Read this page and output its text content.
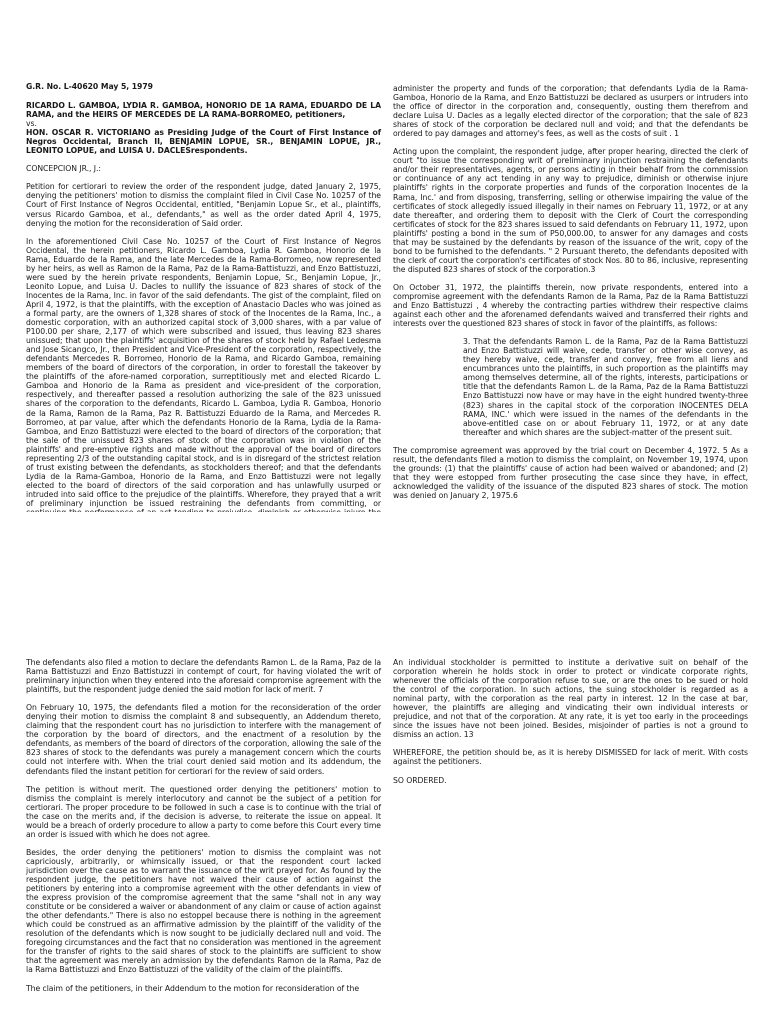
G.R. No. L-40620 May 5, 1979

RICARDO L. GAMBOA, LYDIA R. GAMBOA, HONORIO DE 1A RAMA, EDUARDO DE LA RAMA, and the HEIRS OF MERCEDES DE LA RAMA-BORROMEO, petitioners,

vs.

HON. OSCAR R. VICTORIANO as Presiding Judge of the Court of First Instance of Negros Occidental, Branch II, BENJAMIN LOPUE, SR., BENJAMIN LOPUE, JR., LEONITO LOPUE, and LUISA U. DACLESrespondents.

CONCEPCION JR., J.:

Petition for certiorari to review the order of the respondent judge, dated January 2, 1975, denying the petitioners' motion to dismiss the complaint filed in Civil Case No. 10257 of the Court of First Instance of Negros Occidental, entitled, "Benjamin Lopue Sr., et al., plaintiffs, versus Ricardo Gamboa, et al., defendants," as well as the order dated April 4, 1975, denying the motion for the reconsideration of Said order.

In the aforementioned Civil Case No. 10257 of the Court of First Instance of Negros Occidental, the herein petitioners, Ricardo L. Gamboa, Lydia R. Gamboa, Honorio de la Rama, Eduardo de la Rama, and the late Mercedes de la Rama-Borromeo, now represented by her heirs, as well as Ramon de la Rama, Paz de la Rama-Battistuzzi, and Enzo Battistuzzi, were sued by the herein private respondents, Benjamin Lopue, Sr., Benjamin Lopue, Jr., Leonito Lopue, and Luisa U. Dacles to nullify the issuance of 823 shares of stock of the Inocentes de la Rama, Inc. in favor of the said defendants. The gist of the complaint, filed on April 4, 1972, is that the plaintiffs, with the exception of Anastacio Dacles who was joined as a formal party, are the owners of 1,328 shares of stock of the Inocentes de la Rama, Inc., a domestic corporation, with an authorized capital stock of 3,000 shares, with a par value of P100.00 per share, 2,177 of which were subscribed and issued, thus leaving 823 shares unissued; that upon the plaintiffs' acquisition of the shares of stock held by Rafael Ledesma and Jose Sicangco, Jr., then President and Vice-President of the corporation, respectively, the defendants Mercedes R. Borromeo, Honorio de la Rama, and Ricardo Gamboa, remaining members of the board of directors of the corporation, in order to forestall the takeover by the plaintiffs of the afore-named corporation, surreptitiously met and elected Ricardo L. Gamboa and Honorio de la Rama as president and vice-president of the corporation, respectively, and thereafter passed a resolution authorizing the sale of the 823 unissued shares of the corporation to the defendants, Ricardo L. Gamboa, Lydia R. Gamboa, Honorio de la Rama, Ramon de la Rama, Paz R. Battistuzzi Eduardo de la Rama, and Mercedes R. Borromeo, at par value, after which the defendants Honorio de la Rama, Lydia de la Rama-Gamboa, and Enzo Battistuzzi were elected to the board of directors of the corporation; that the sale of the unissued 823 shares of stock of the corporation was in violation of the plaintiffs' and pre-emptive rights and made without the approval of the board of directors representing 2/3 of the outstanding capital stock, and is in disregard of the strictest relation of trust existing between the defendants, as stockholders thereof; and that the defendants Lydia de la Rama-Gamboa, Honorio de la Rama, and Enzo Battistuzzi were not legally elected to the board of directors of the said corporation and has unlawfully usurped or intruded into said office to the prejudice of the plaintiffs. Wherefore, they prayed that a writ of preliminary injunction be issued restraining the defendants from committing, or

administer the property and funds of the corporation; that defendants Lydia de la Rama-Gamboa, Honorio de la Rama, and Enzo Battistuzzi be declared as usurpers or intruders into the office of director in the corporation and, consequently, ousting them therefrom and declare Luisa U. Dacles as a legally elected director of the corporation; that the sale of 823 shares of stock of the corporation be declared null and void; and that the defendants be ordered to pay damages and attorney's fees, as well as the costs of suit . 1

Acting upon the complaint, the respondent judge, after proper hearing, directed the clerk of court "to issue the corresponding writ of preliminary injunction restraining the defendants and/or their representatives, agents, or persons acting in their behalf from the commission or continuance of any act tending in any way to prejudice, diminish or otherwise injure plaintiffs' rights in the corporate properties and funds of the corporation Inocentes de la Rama, Inc.' and from disposing, transferring, selling or otherwise impairing the value of the certificates of stock allegedly issued illegally in their names on February 11, 1972, or at any date thereafter, and ordering them to deposit with the Clerk of Court the corresponding certificates of stock for the 823 shares issued to said defendants on February 11, 1972, upon plaintiffs' posting a bond in the sum of P50,000.00, to answer for any damages and costs that may be sustained by the defendants by reason of the issuance of the writ, copy of the bond to be furnished to the defendants. " 2 Pursuant thereto, the defendants deposited with the clerk of court the corporation's certificates of stock Nos. 80 to 86, inclusive, representing the disputed 823 shares of stock of the corporation.3

On October 31, 1972, the plaintiffs therein, now private respondents, entered into a compromise agreement with the defendants Ramon de la Rama, Paz de la Rama Battistuzzi and Enzo Battistuzzi , 4 whereby the contracting parties withdrew their respective claims against each other and the aforenamed defendants waived and transferred their rights and interests over the questioned 823 shares of stock in favor of the plaintiffs, as follows:

3. That the defendants Ramon L. de la Rama, Paz de la Rama Battistuzzi and Enzo Battistuzzi will waive, cede, transfer or other wise convey, as they hereby waive, cede, transfer and convey, free from all liens and encumbrances unto the plaintiffs, in such proportion as the plaintiffs may among themselves determine, all of the rights, interests, participations or title that the defendants Ramon L. de la Rama, Paz de la Rama Battistuzzi Enzo Battistuzzi now have or may have in the eight hundred twenty-three (823) shares in the capital stock of the corporation INOCENTES DELA RAMA, INC.' which were issued in the names of the defendants in the above-entitled case on or about February 11, 1972, or at any date thereafter and which shares are the subject-matter of the present suit.

The compromise agreement was approved by the trial court on December 4, 1972. 5 As a result, the defendants filed a motion to dismiss the complaint, on November 19, 1974, upon the grounds: (1) that the plaintiffs' cause of action had been waived or abandoned; and (2) that they were estopped from further prosecuting the case since they have, in effect, acknowledged the validity of the issuance of the disputed 823 shares of stock. The motion was denied on January 2, 1975.6

The defendants also filed a motion to declare the defendants Ramon L. de la Rama, Paz de la Rama Battistuzzi and Enzo Battistuzzi in contempt of court, for having violated the writ of preliminary injunction when they entered into the aforesaid compromise agreement with the plaintiffs, but the respondent judge denied the said motion for lack of merit. 7

On February 10, 1975, the defendants filed a motion for the reconsideration of the order denying their motion to dismiss the complaint 8 and subsequently, an Addendum thereto, claiming that the respondent court has no jurisdiction to interfere with the management of the corporation by the board of directors, and the enactment of a resolution by the defendants, as members of the board of directors of the corporation, allowing the sale of the 823 shares of stock to the defendants was purely a management concern which the courts could not interfere with. When the trial court denied said motion and its addendum, the defendants filed the instant petition for certiorari for the review of said orders.

The petition is without merit. The questioned order denying the petitioners' motion to dismiss the complaint is merely interlocutory and cannot be the subject of a petition for certiorari. The proper procedure to be followed in such a case is to continue with the trial of the case on the merits and, if the decision is adverse, to reiterate the issue on appeal. It would be a breach of orderly procedure to allow a party to come before this Court every time an order is issued with which he does not agree.

Besides, the order denying the petitioners' motion to dismiss the complaint was not capriciously, arbitrarily, or whimsically issued, or that the respondent court lacked jurisdiction over the cause as to warrant the issuance of the writ prayed for. As found by the respondent judge, the petitioners have not waived their cause of action against the petitioners by entering into a compromise agreement with the other defendants in view of the express provision of the compromise agreement that the same "shall not in any way constitute or be considered a waiver or abandonment of any claim or cause of action against the other defendants." There is also no estoppel because there is nothing in the agreement which could be construed as an affirmative admission by the plaintiff of the validity of the resolution of the defendants which is now sought to be judicially declared null and void. The foregoing circumstances and the fact that no consideration was mentioned in the agreement for the transfer of rights to the said shares of stock to the plaintiffs are sufficient to show that the agreement was merely an admission by the defendants Ramon de la Rama, Paz de la Rama Battistuzzi and Enzo Battistuzzi of the validity of the claim of the plaintiffs.

The claim of the petitioners, in their Addendum to the motion for reconsideration of the

An individual stockholder is permitted to institute a derivative suit on behalf of the corporation wherein he holds stock in order to protect or vindicate corporate rights, whenever the officials of the corporation refuse to sue, or are the ones to be sued or hold the control of the corporation. In such actions, the suing stockholder is regarded as a nominal party, with the corporation as the real party in interest. 12 In the case at bar, however, the plaintiffs are alleging and vindicating their own individual interests or prejudice, and not that of the corporation. At any rate, it is yet too early in the proceedings since the issues have not been joined. Besides, misjoinder of parties is not a ground to dismiss an action. 13

WHEREFORE, the petition should be, as it is hereby DISMISSED for lack of merit. With costs against the petitioners.

SO ORDERED.
